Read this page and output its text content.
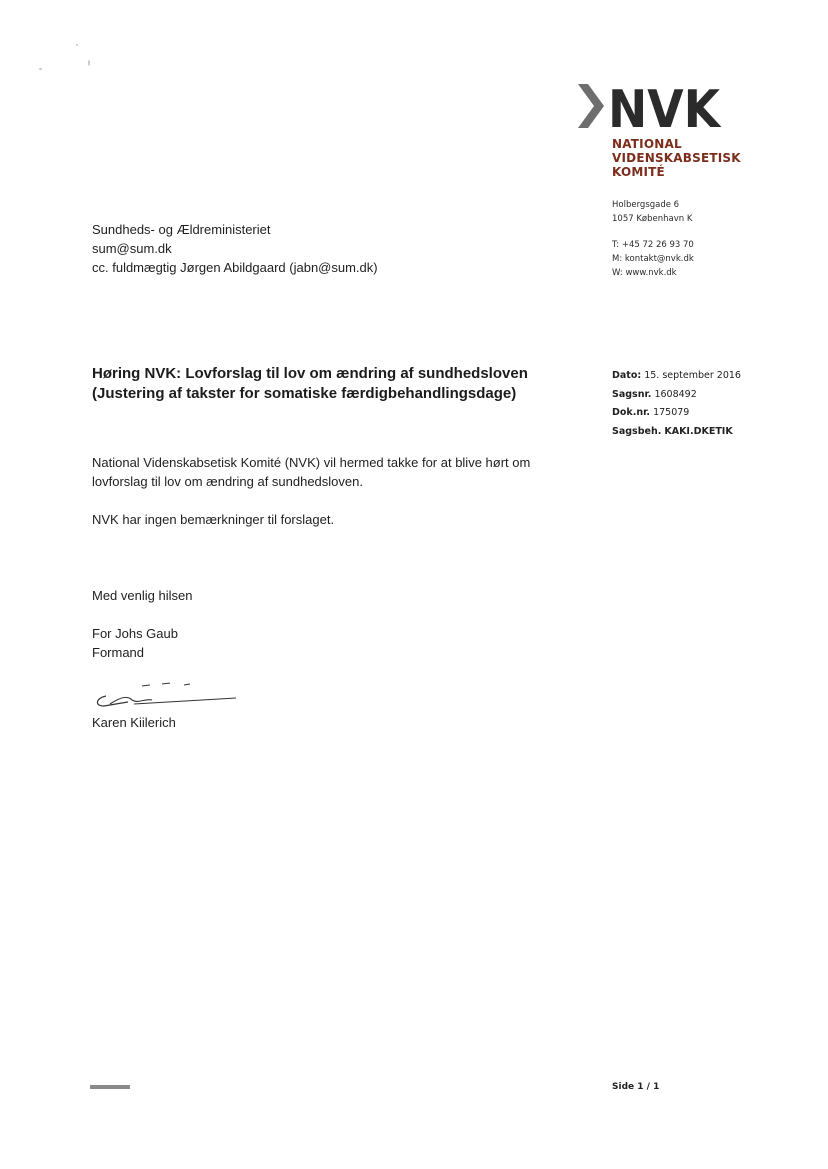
NVK
NATIONAL
VIDENSKABSETISK
KOMITÉ
Holbergsgade 6
1057 København K
T: +45 72 26 93 70
M: kontakt@nvk.dk
W: www.nvk.dk
Sundheds- og Ældreministeriet
sum@sum.dk
cc. fuldmægtig Jørgen Abildgaard (jabn@sum.dk)
Høring NVK: Lovforslag til lov om ændring af sundhedsloven
(Justering af takster for somatiske færdigbehandlingsdage)
Dato: 15. september 2016
Sagsnr. 1608492
Dok.nr. 175079
Sagsbeh. KAKI.DKETIK

National Videnskabsetisk Komité (NVK) vil hermed takke for at blive hørt om lovforslag til lov om ændring af sundhedsloven.

NVK har ingen bemærkninger til forslaget.

Med venlig hilsen
For Johs Gaub
Formand
Karen Kiilerich
Side 1 / 1
